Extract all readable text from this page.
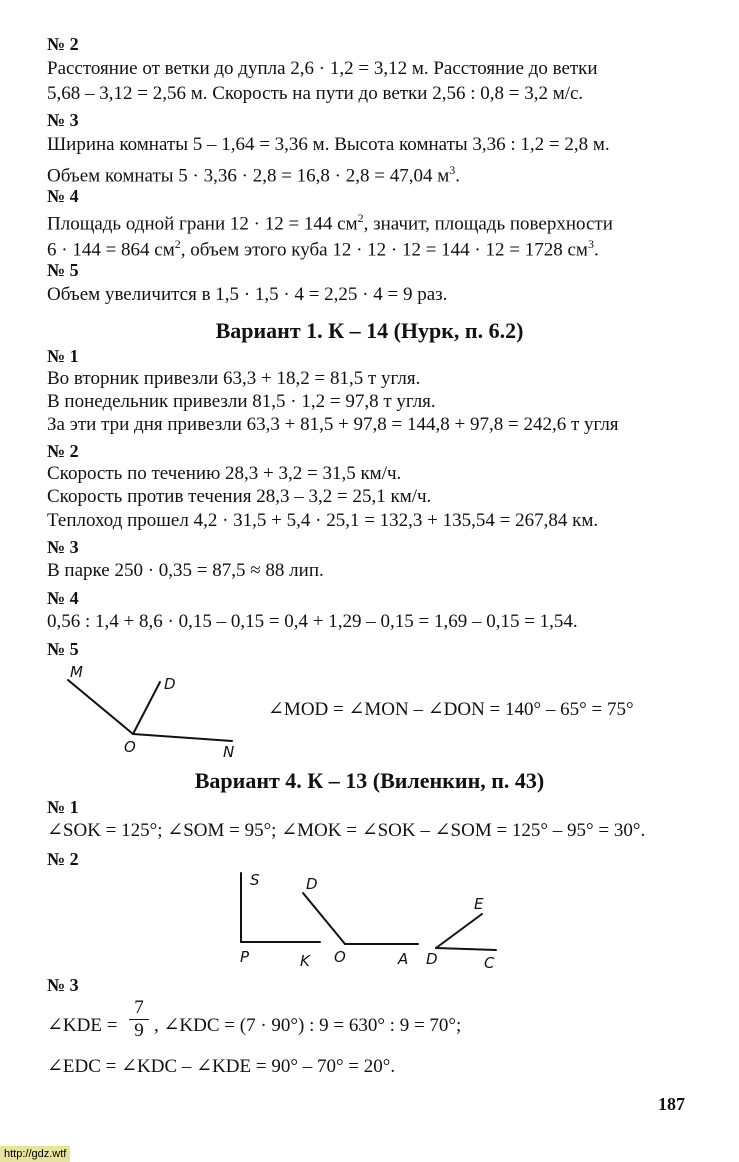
№ 2
Расстояние от ветки до дупла 2,6 · 1,2 = 3,12 м. Расстояние до ветки
5,68 – 3,12 = 2,56 м. Скорость на пути до ветки 2,56 : 0,8 = 3,2 м/с.
№ 3
Ширина комнаты 5 – 1,64 = 3,36 м. Высота комнаты 3,36 : 1,2 = 2,8 м.
Объем комнаты 5 · 3,36 · 2,8 = 16,8 · 2,8 = 47,04 $м^3$.
№ 4
Площадь одной грани 12 · 12 = 144 $см^2$, значит, площадь поверхности
6 · 144 = 864 $см^2$, объем этого куба 12 · 12 · 12 = 144 · 12 = 1728 $см^3$.
№ 5
Объем увеличится в 1,5 · 1,5 · 4 = 2,25 · 4 = 9 раз.
Вариант 1. К – 14 (Нурк, п. 6.2)
№ 1
Во вторник привезли 63,3 + 18,2 = 81,5 т угля.
В понедельник привезли 81,5 · 1,2 = 97,8 т угля.
За эти три дня привезли 63,3 + 81,5 + 97,8 = 144,8 + 97,8 = 242,6 т угля
№ 2
Скорость по течению 28,3 + 3,2 = 31,5 км/ч.
Скорость против течения 28,3 – 3,2 = 25,1 км/ч.
Теплоход прошел 4,2 · 31,5 + 5,4 · 25,1 = 132,3 + 135,54 = 267,84 км.
№ 3
В парке 250 · 0,35 = 87,5 ≈ 88 лип.
№ 4
0,56 : 1,4 + 8,6 · 0,15 – 0,15 = 0,4 + 1,29 – 0,15 = 1,69 – 0,15 = 1,54.
№ 5
M
D
O	N
∠MOD = ∠MON – ∠DON = 140° – 65° = 75°
Вариант 4. К – 13 (Виленкин, п. 43)
№ 1
∠SOK = 125°; ∠SOM = 95°; ∠MOK = ∠SOK – ∠SOM = 125° – 95° = 30°.
№ 2
S
P	K
D
O	A D
E
C
№ 3
∠KDE =
7
9 , ∠KDC = (7 · 90°) : 9 = 630° : 9 = 70°;
∠EDC = ∠KDC – ∠KDE = 90° – 70° = 20°.
187
http://gdz.wtf
